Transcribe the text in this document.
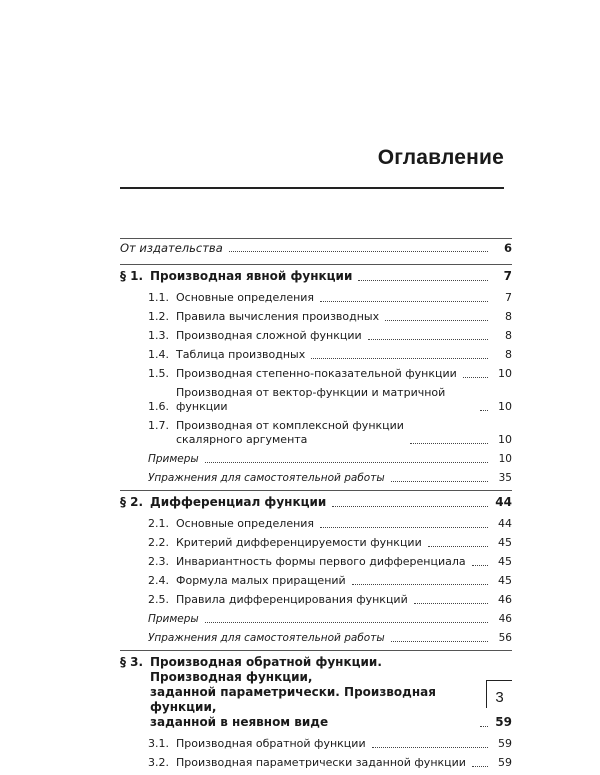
Оглавление
От издательства	6
§ 1. Производная явной функции	7
1.1. Основные определения	7
1.2. Правила вычисления производных	8
1.3. Производная сложной функции	8
1.4. Таблица производных	8
1.5. Производная степенно-показательной функции	10
1.6.
Производная от вектор-функции и матричной функции	10
1.7. Производная от комплексной функции
скалярного аргумента	10
Примеры	10
Упражнения для самостоятельной работы	35
§ 2. Дифференциал функции	44
2.1. Основные определения	44
2.2. Критерий дифференцируемости функции	45
2.3. Инвариантность формы первого дифференциала	45
2.4. Формула малых приращений	45
2.5. Правила дифференцирования функций	46
Примеры	46
Упражнения для самостоятельной работы	56
§ 3. Производная обратной функции. Производная функции,
заданной параметрически. Производная функции,
заданной в неявном виде	59
3.1. Производная обратной функции	59
3.2. Производная параметрически заданной функции	59
3
